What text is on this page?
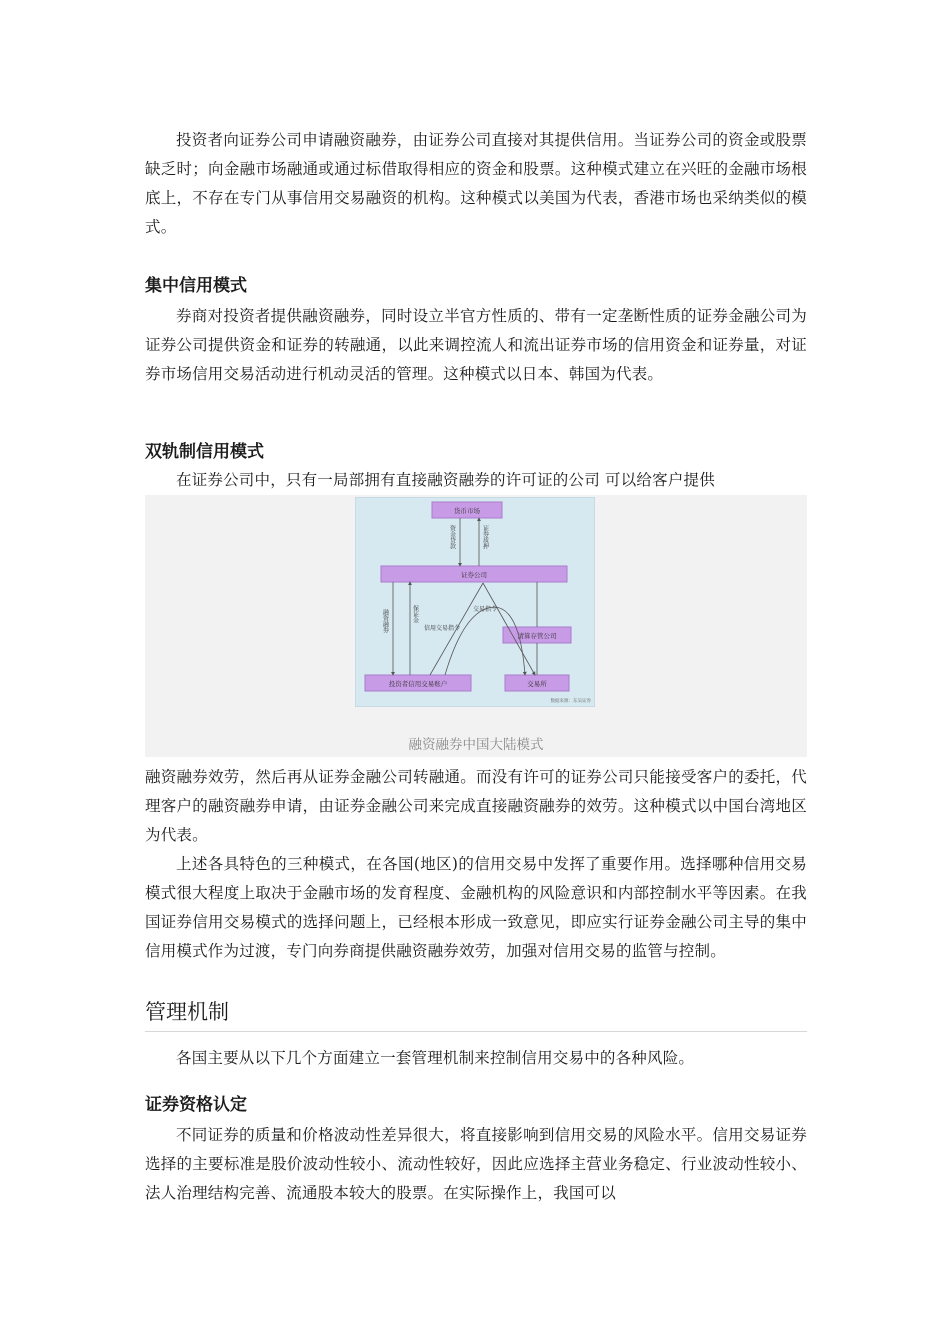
投资者向证券公司申请融资融券，由证券公司直接对其提供信用。当证券公司的资金或股票缺乏时；向金融市场融通或通过标借取得相应的资金和股票。这种模式建立在兴旺的金融市场根底上，不存在专门从事信用交易融资的机构。这种模式以美国为代表，香港市场也采纳类似的模式。

集中信用模式

券商对投资者提供融资融券，同时设立半官方性质的、带有一定垄断性质的证券金融公司为证券公司提供资金和证券的转融通，以此来调控流人和流出证券市场的信用资金和证券量，对证券市场信用交易活动进行机动灵活的管理。这种模式以日本、韩国为代表。

双轨制信用模式

在证券公司中，只有一局部拥有直接融资融券的许可证的公司 可以给客户提供

货币市场
证券公司
清算存管公司
投资者信用交易账户	交易所
资金贷款	证券质押
融资融券	保证金
信用交易指令
交易指令
数据来源：东吴证券
融资融券中国大陆模式

融资融券效劳，然后再从证券金融公司转融通。而没有许可的证券公司只能接受客户的委托，代理客户的融资融券申请，由证券金融公司来完成直接融资融券的效劳。这种模式以中国台湾地区为代表。

上述各具特色的三种模式，在各国(地区)的信用交易中发挥了重要作用。选择哪种信用交易模式很大程度上取决于金融市场的发育程度、金融机构的风险意识和内部控制水平等因素。在我国证券信用交易模式的选择问题上，已经根本形成一致意见，即应实行证券金融公司主导的集中信用模式作为过渡，专门向券商提供融资融券效劳，加强对信用交易的监管与控制。

管理机制

各国主要从以下几个方面建立一套管理机制来控制信用交易中的各种风险。

证券资格认定

不同证券的质量和价格波动性差异很大，将直接影响到信用交易的风险水平。信用交易证券选择的主要标准是股价波动性较小、流动性较好，因此应选择主营业务稳定、行业波动性较小、法人治理结构完善、流通股本较大的股票。在实际操作上，我国可以
